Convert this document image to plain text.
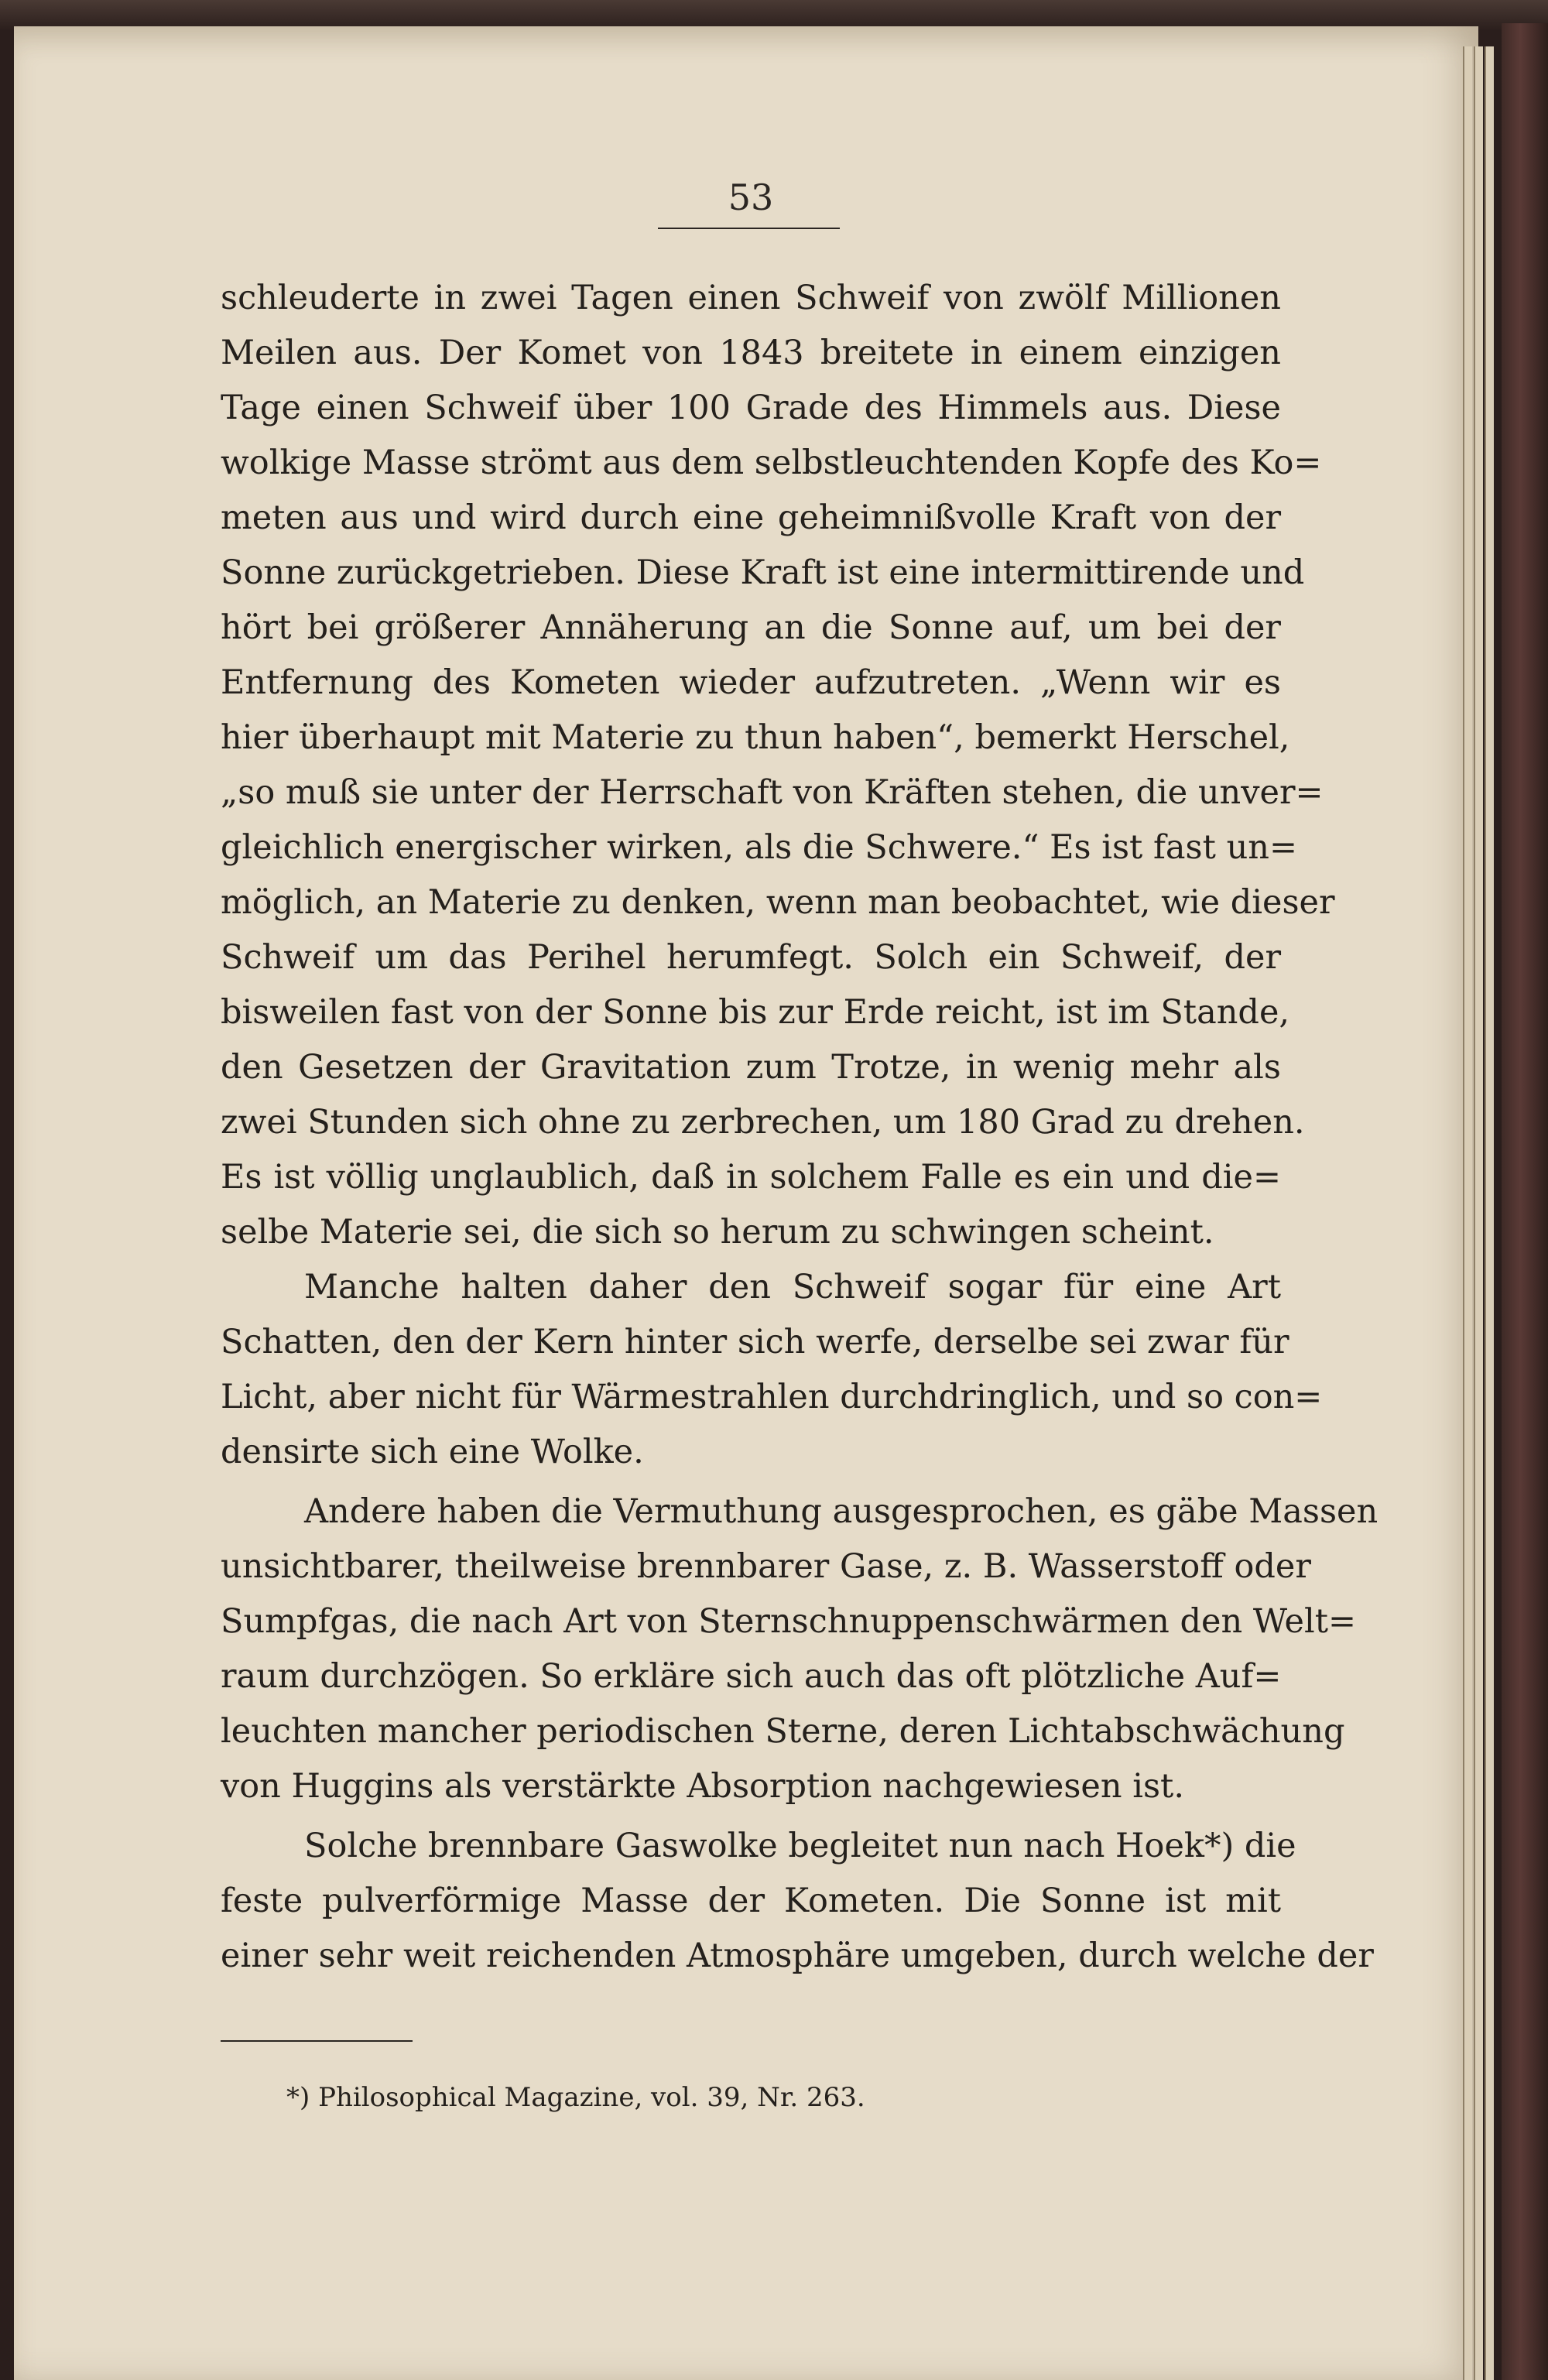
53
schleuderte in zwei Tagen einen Schweif von zwölf Millionen
Meilen aus. Der Komet von 1843 breitete in einem einzigen
Tage einen Schweif über 100 Grade des Himmels aus. Diese
wolkige Masse strömt aus dem selbstleuchtenden Kopfe des Ko=
meten aus und wird durch eine geheimnißvolle Kraft von der
Sonne zurückgetrieben. Diese Kraft ist eine intermittirende und
hört bei größerer Annäherung an die Sonne auf, um bei der
Entfernung des Kometen wieder aufzutreten. „Wenn wir es
hier überhaupt mit Materie zu thun haben“, bemerkt Herschel,
„so muß sie unter der Herrschaft von Kräften stehen, die unver=
gleichlich energischer wirken, als die Schwere.“ Es ist fast un=
möglich, an Materie zu denken, wenn man beobachtet, wie dieser
Schweif um das Perihel herumfegt. Solch ein Schweif, der
bisweilen fast von der Sonne bis zur Erde reicht, ist im Stande,
den Gesetzen der Gravitation zum Trotze, in wenig mehr als
zwei Stunden sich ohne zu zerbrechen, um 180 Grad zu drehen.
Es ist völlig unglaublich, daß in solchem Falle es ein und die=
selbe Materie sei, die sich so herum zu schwingen scheint.
Manche halten daher den Schweif sogar für eine Art
Schatten, den der Kern hinter sich werfe, derselbe sei zwar für
Licht, aber nicht für Wärmestrahlen durchdringlich, und so con=
densirte sich eine Wolke.
Andere haben die Vermuthung ausgesprochen, es gäbe Massen
unsichtbarer, theilweise brennbarer Gase, z. B. Wasserstoff oder
Sumpfgas, die nach Art von Sternschnuppenschwärmen den Welt=
raum durchzögen. So erkläre sich auch das oft plötzliche Auf=
leuchten mancher periodischen Sterne, deren Lichtabschwächung
von Huggins als verstärkte Absorption nachgewiesen ist.
Solche brennbare Gaswolke begleitet nun nach Hoek*) die
feste pulverförmige Masse der Kometen. Die Sonne ist mit
einer sehr weit reichenden Atmosphäre umgeben, durch welche der
*) Philosophical Magazine, vol. 39, Nr. 263.
